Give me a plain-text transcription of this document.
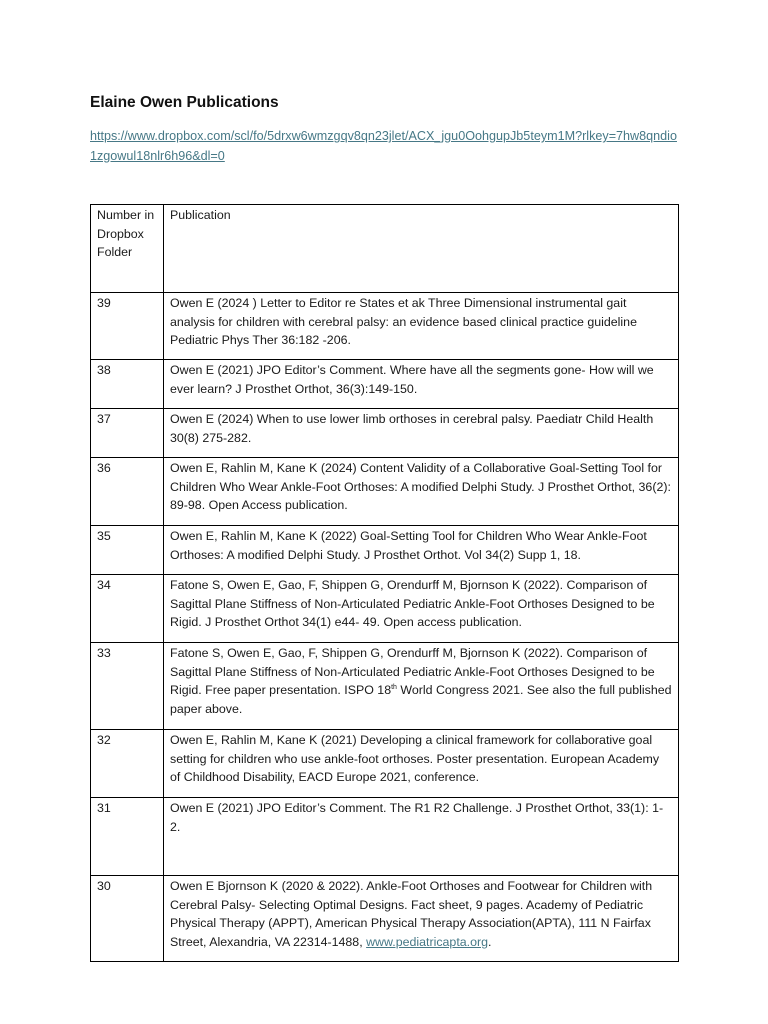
Elaine Owen Publications
https://www.dropbox.com/scl/fo/5drxw6wmzgqv8qn23jlet/ACX_jgu0OohgupJb5teym1M?rlkey=7hw8qndio1zgowul18nlr6h96&dl=0
Number in Dropbox Folder	Publication
39	Owen E (2024 ) Letter to Editor re States et ak Three Dimensional instrumental gait analysis for children with cerebral palsy: an evidence based clinical practice guideline Pediatric Phys Ther 36:182 -206.
38	Owen E (2021) JPO Editor’s Comment. Where have all the segments gone- How will we ever learn? J Prosthet Orthot, 36(3):149-150.
37	Owen E (2024) When to use lower limb orthoses in cerebral palsy. Paediatr Child Health 30(8) 275-282.
36	Owen E, Rahlin M, Kane K (2024) Content Validity of a Collaborative Goal-Setting Tool for Children Who Wear Ankle-Foot Orthoses: A modified Delphi Study. J Prosthet Orthot, 36(2): 89-98. Open Access publication.
35	Owen E, Rahlin M, Kane K (2022) Goal-Setting Tool for Children Who Wear Ankle-Foot Orthoses: A modified Delphi Study. J Prosthet Orthot. Vol 34(2) Supp 1, 18.
34	Fatone S, Owen E, Gao, F, Shippen G, Orendurff M, Bjornson K (2022). Comparison of Sagittal Plane Stiffness of Non-Articulated Pediatric Ankle-Foot Orthoses Designed to be Rigid. J Prosthet Orthot 34(1) e44- 49. Open access publication.
33	Fatone S, Owen E, Gao, F, Shippen G, Orendurff M, Bjornson K (2022). Comparison of Sagittal Plane Stiffness of Non-Articulated Pediatric Ankle-Foot Orthoses Designed to be Rigid. Free paper presentation. ISPO 18th World Congress 2021. See also the full published paper above.
32	Owen E, Rahlin M, Kane K (2021) Developing a clinical framework for collaborative goal setting for children who use ankle-foot orthoses. Poster presentation. European Academy of Childhood Disability, EACD Europe 2021, conference.
31	Owen E (2021) JPO Editor’s Comment. The R1 R2 Challenge. J Prosthet Orthot, 33(1): 1-2.
30	Owen E Bjornson K (2020 & 2022). Ankle-Foot Orthoses and Footwear for Children with Cerebral Palsy- Selecting Optimal Designs. Fact sheet, 9 pages. Academy of Pediatric Physical Therapy (APPT), American Physical Therapy Association(APTA), 111 N Fairfax Street, Alexandria, VA 22314-1488, www.pediatricapta.org.
